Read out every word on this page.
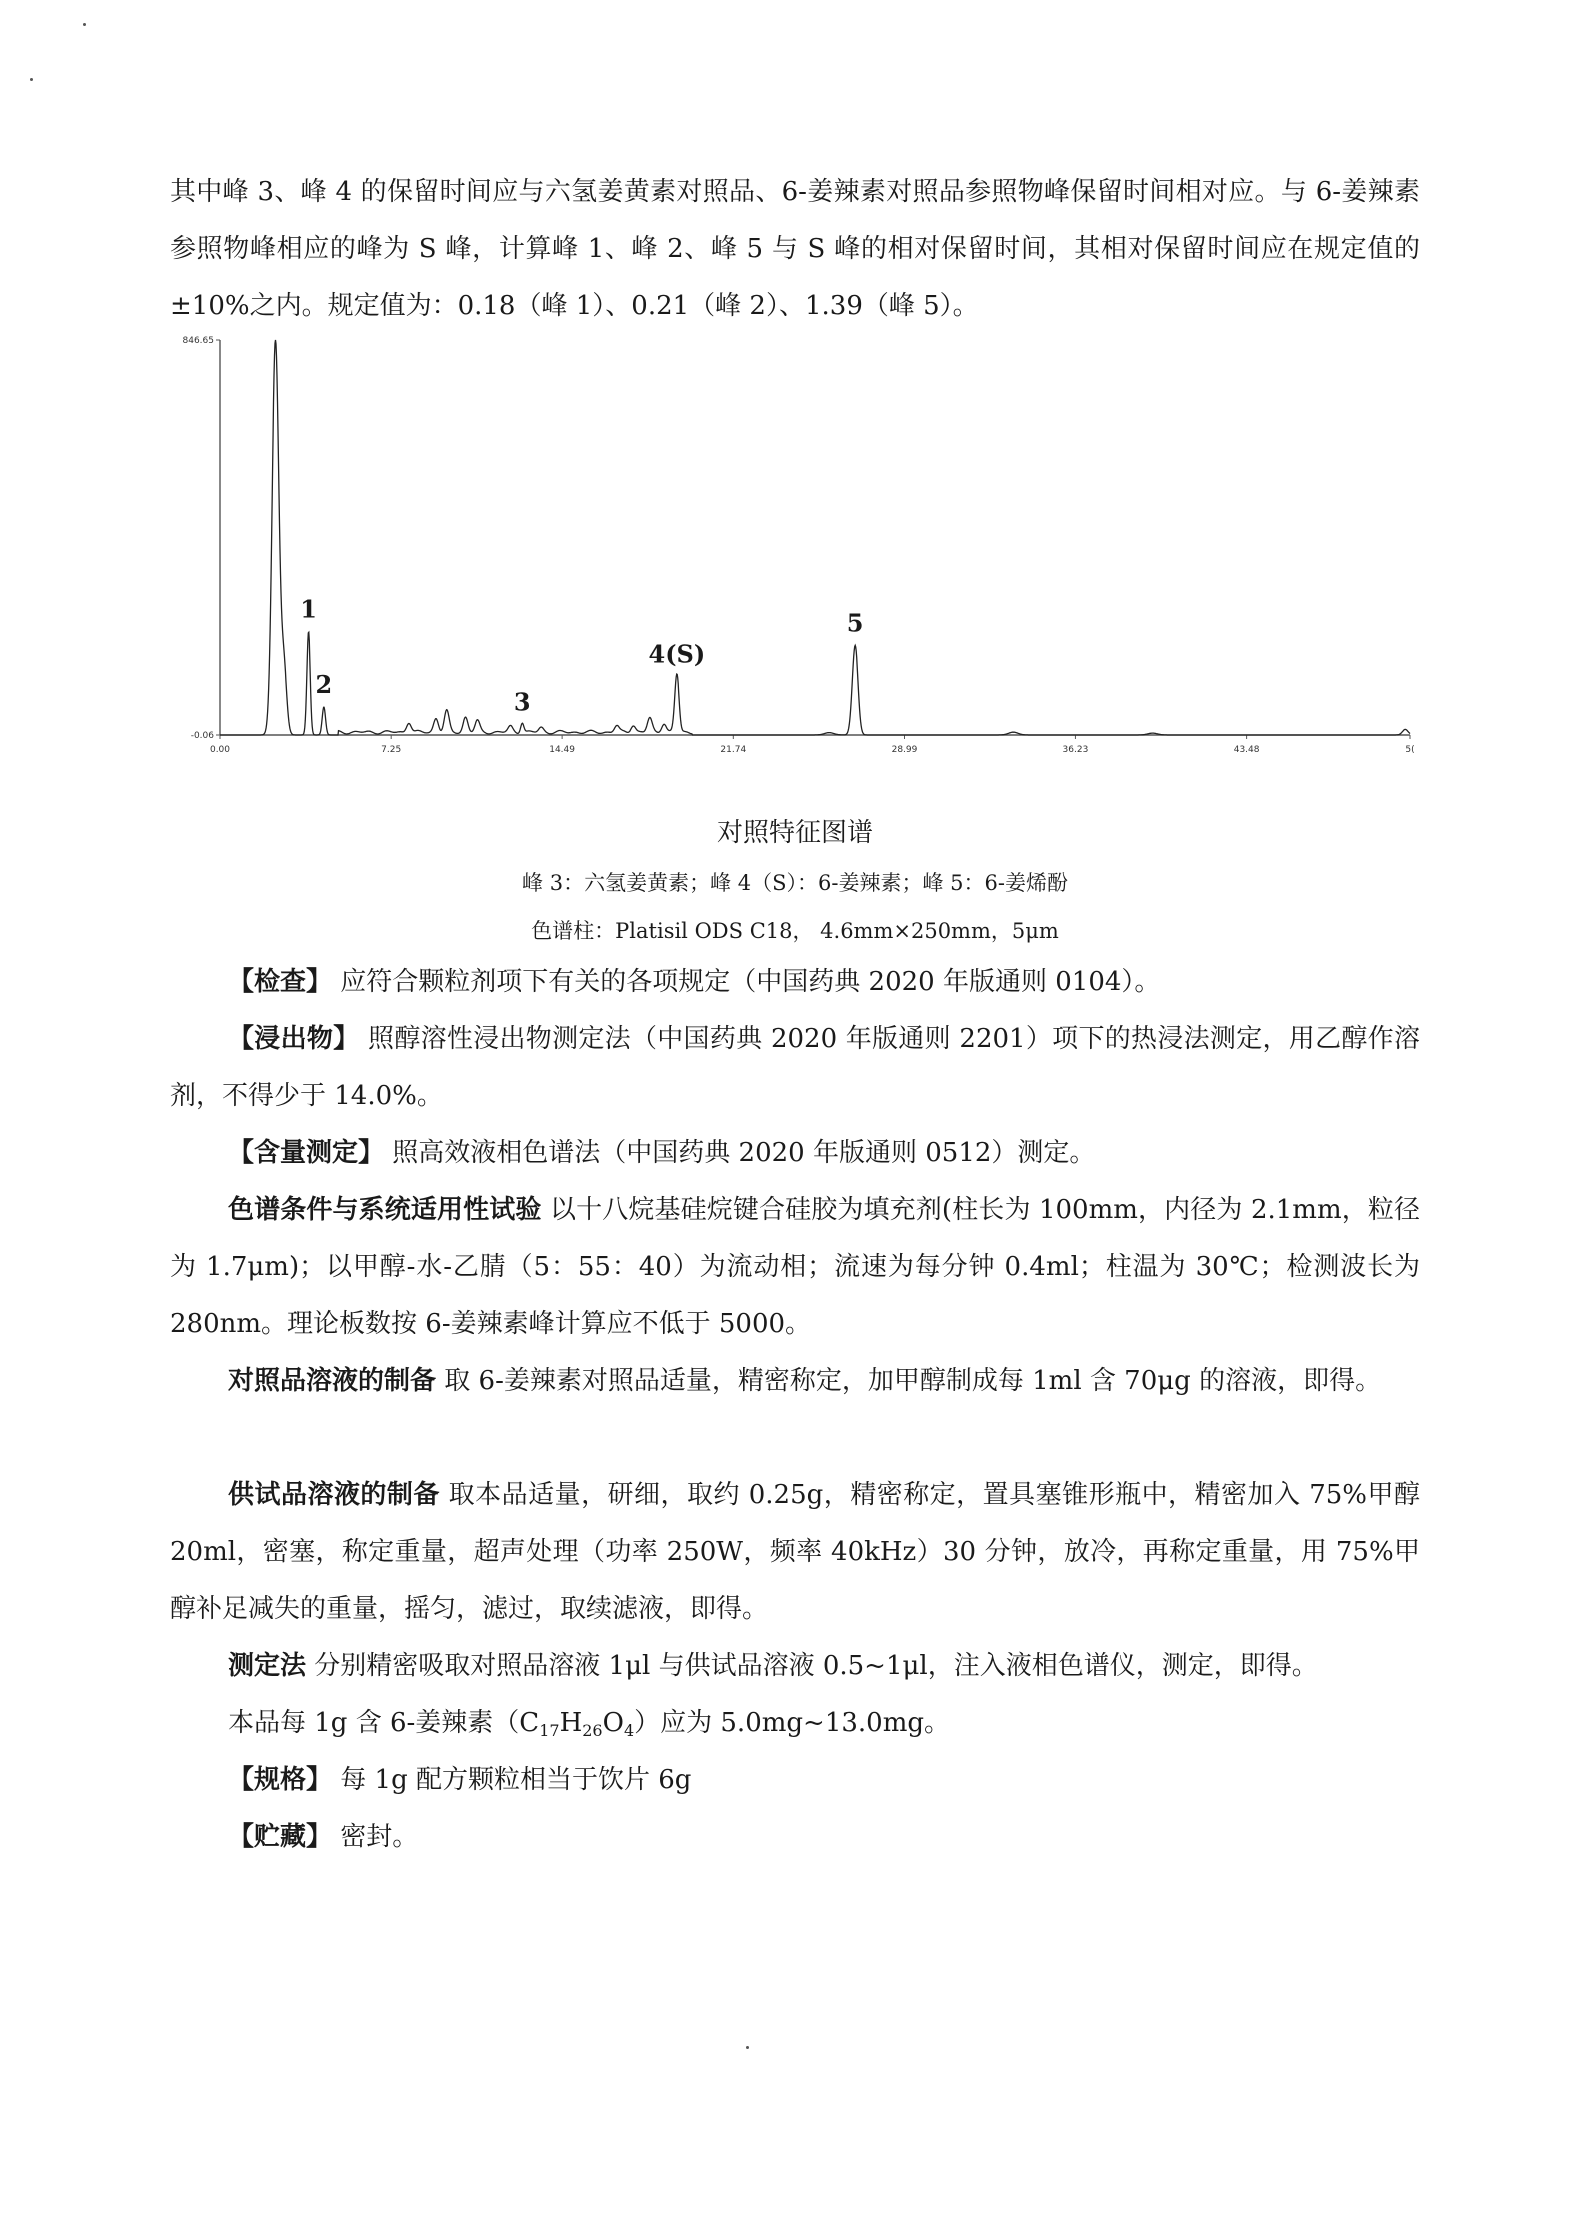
其中峰 3、峰 4 的保留时间应与六氢姜黄素对照品、6-姜辣素对照品参照物峰保留时间相对应。与 6-姜辣素参照物峰相应的峰为 S 峰，计算峰 1、峰 2、峰 5 与 S 峰的相对保留时间，其相对保留时间应在规定值的±10%之内。规定值为：0.18（峰 1）、0.21（峰 2）、1.39（峰 5）。
846.65
-0.06
0.00	7.25	14.49	21.74	28.99	36.23	43.48	5(
1
2
3
4(S)
5
对照特征图谱
峰 3：六氢姜黄素；峰 4（S）：6-姜辣素；峰 5：6-姜烯酚
色谱柱：Platisil ODS C18， 4.6mm×250mm，5μm
【检查】 应符合颗粒剂项下有关的各项规定（中国药典 2020 年版通则 0104）。
【浸出物】 照醇溶性浸出物测定法（中国药典 2020 年版通则 2201）项下的热浸法测定，用乙醇作溶剂，不得少于 14.0%。
【含量测定】 照高效液相色谱法（中国药典 2020 年版通则 0512）测定。
色谱条件与系统适用性试验 以十八烷基硅烷键合硅胶为填充剂(柱长为 100mm，内径为 2.1mm，粒径为 1.7μm)；以甲醇-水-乙腈（5：55：40）为流动相；流速为每分钟 0.4ml；柱温为 30℃；检测波长为 280nm。理论板数按 6-姜辣素峰计算应不低于 5000。
对照品溶液的制备 取 6-姜辣素对照品适量，精密称定，加甲醇制成每 1ml 含 70μg 的溶液，即得。
供试品溶液的制备 取本品适量，研细，取约 0.25g，精密称定，置具塞锥形瓶中，精密加入 75%甲醇 20ml，密塞，称定重量，超声处理（功率 250W，频率 40kHz）30 分钟，放冷，再称定重量，用 75%甲醇补足减失的重量，摇匀，滤过，取续滤液，即得。
测定法 分别精密吸取对照品溶液 1μl 与供试品溶液 0.5~1μl，注入液相色谱仪，测定，即得。
本品每 1g 含 6-姜辣素$(C_{17}H_{26}O_4)$应为 5.0mg~13.0mg。
【规格】 每 1g 配方颗粒相当于饮片 6g
【贮藏】 密封。
